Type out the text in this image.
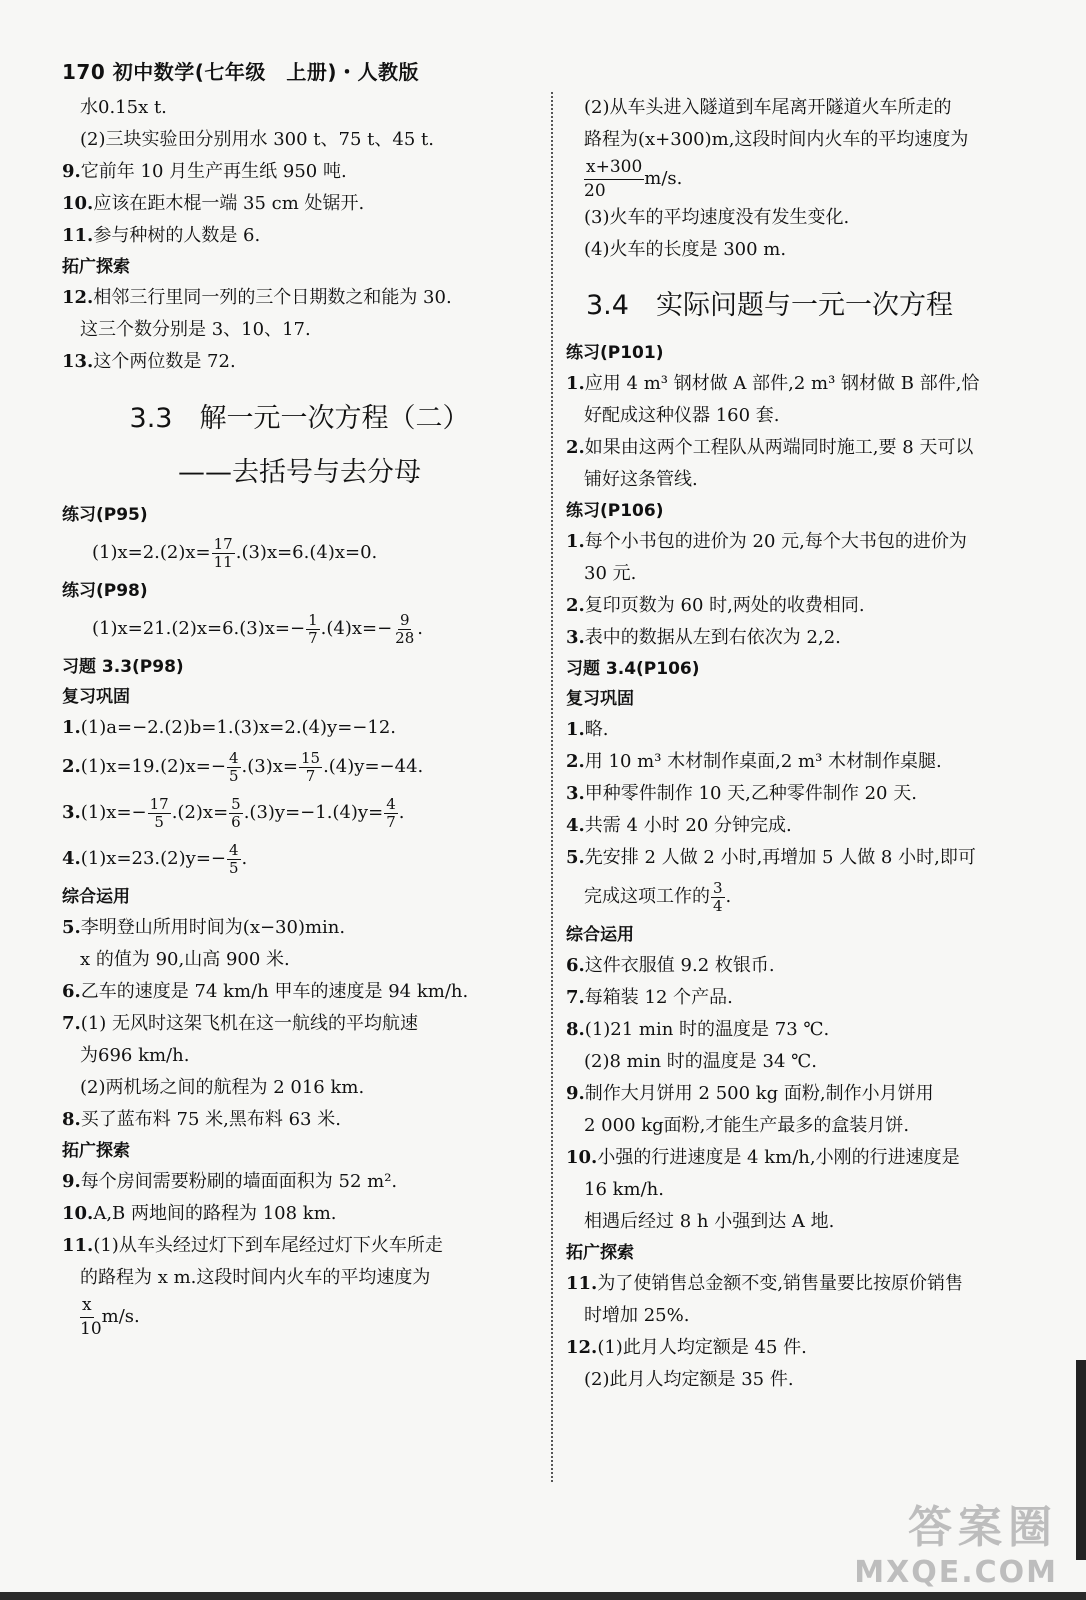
170 初中数学(七年级　上册)・人教版
水0.15x t.
(2)三块实验田分别用水 300 t、75 t、45 t.
9.它前年 10 月生产再生纸 950 吨.
10.应该在距木棍一端 35 cm 处锯开.
11.参与种树的人数是 6.
拓广探索
12.相邻三行里同一列的三个日期数之和能为 30.
这三个数分别是 3、10、17.
13.这个两位数是 72.
3.3　解一元一次方程（二）
——去括号与去分母
练习(P95)
$(1)x=2.(2)x= \frac{17}{11} .(3)x=6.(4)x=0$.
练习(P98)
$(1)x=21.(2)x=6.(3)x=- \frac{1}{7} .(4)x=- \frac{9}{28}$ .
习题 3.3(P98)
复习巩固
1.(1)a=−2.(2)b=1.(3)x=2.(4)y=−12.
2. $(1)x=19.(2)x=- \frac{4}{5} .(3)x= \frac{15}{7} .(4)y=-44$.
3. $(1)x=- \frac{17}{5} .(2)x= \frac{5}{6} .(3)y=-1.(4)y= \frac{4}{7}$ .
4. $(1)x=23.(2)y=- \frac{4}{5}$ .
综合运用
5.李明登山所用时间为(x−30)min.
x 的值为 90,山高 900 米.
6.乙车的速度是 74 km/h 甲车的速度是 94 km/h.
7.(1) 无风时这架飞机在这一航线的平均航速
为696 km/h.
(2)两机场之间的航程为 2 016 km.
8.买了蓝布料 75 米,黑布料 63 米.
拓广探索
9.每个房间需要粉刷的墙面面积为 52 m².
10.A,B 两地间的路程为 108 km.
11.(1)从车头经过灯下到车尾经过灯下火车所走
的路程为 x m.这段时间内火车的平均速度为
$\frac{x}{10} m/s$.
(2)从车头进入隧道到车尾离开隧道火车所走的
路程为(x+300)m,这段时间内火车的平均速度为
$\frac{x+300}{20} m/s$.
(3)火车的平均速度没有发生变化.
(4)火车的长度是 300 m.
3.4　实际问题与一元一次方程
练习(P101)
1.应用 4 m³ 钢材做 A 部件,2 m³ 钢材做 B 部件,恰
好配成这种仪器 160 套.
2.如果由这两个工程队从两端同时施工,要 8 天可以
铺好这条管线.
练习(P106)
1.每个小书包的进价为 20 元,每个大书包的进价为
30 元.
2.复印页数为 60 时,两处的收费相同.
3.表中的数据从左到右依次为 2,2.
习题 3.4(P106)
复习巩固
1.略.
2.用 10 m³ 木材制作桌面,2 m³ 木材制作桌腿.
3.甲种零件制作 10 天,乙种零件制作 20 天.
4.共需 4 小时 20 分钟完成.
5.先安排 2 人做 2 小时,再增加 5 人做 8 小时,即可
完成这项工作的 $\frac{3}{4}$ .
综合运用
6.这件衣服值 9.2 枚银币.
7.每箱装 12 个产品.
8.(1)21 min 时的温度是 73 ℃.
(2)8 min 时的温度是 34 ℃.
9.制作大月饼用 2 500 kg 面粉,制作小月饼用
2 000 kg面粉,才能生产最多的盒装月饼.
10.小强的行进速度是 4 km/h,小刚的行进速度是
16 km/h.
相遇后经过 8 h 小强到达 A 地.
拓广探索
11.为了使销售总金额不变,销售量要比按原价销售
时增加 25%.
12.(1)此月人均定额是 45 件.
(2)此月人均定额是 35 件.
答案圈
MXQE.COM
